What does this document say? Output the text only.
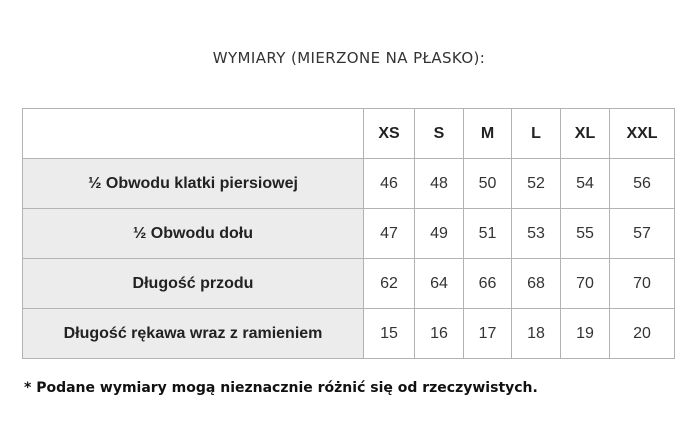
WYMIARY (MIERZONE NA PŁASKO):
	XS	S	M	L	XL	XXL
½ Obwodu klatki piersiowej	46	48	50	52	54	56
½ Obwodu dołu	47	49	51	53	55	57
Długość przodu	62	64	66	68	70	70
Długość rękawa wraz z ramieniem	15	16	17	18	19	20
* Podane wymiary mogą nieznacznie różnić się od rzeczywistych.
